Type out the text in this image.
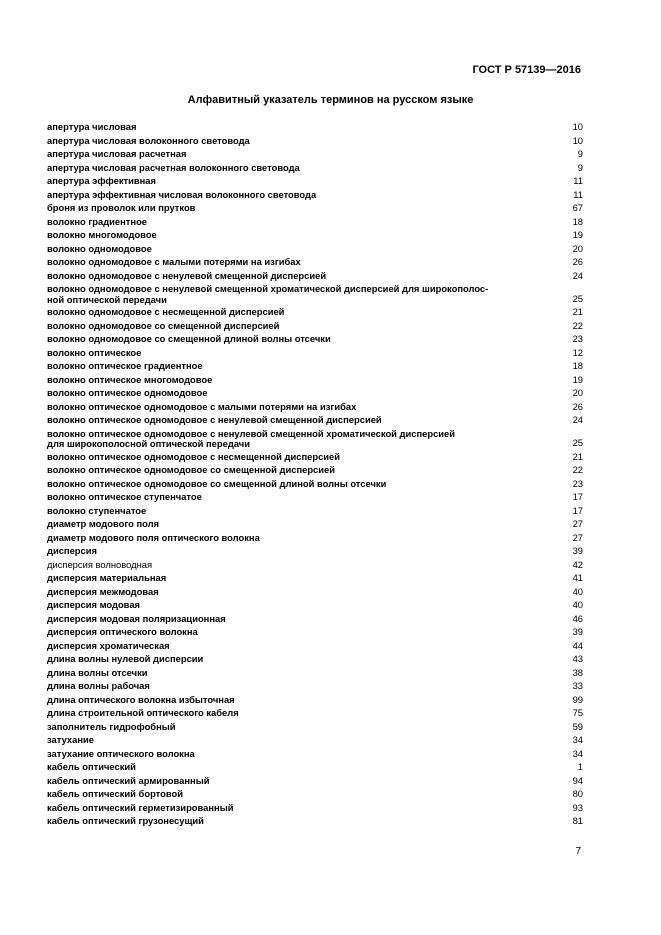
ГОСТ Р 57139—2016
Алфавитный указатель терминов на русском языке
апертура числовая	10
апертура числовая волоконного световода	10
апертура числовая расчетная	9
апертура числовая расчетная волоконного световода	9
апертура эффективная	11
апертура эффективная числовая волоконного световода	11
броня из проволок или прутков	67
волокно градиентное	18
волокно многомодовое	19
волокно одномодовое	20
волокно одномодовое с малыми потерями на изгибах	26
волокно одномодовое с ненулевой смещенной дисперсией	24
волокно одномодовое с ненулевой смещенной хроматической дисперсией для широкополос-
ной оптической передачи	25
волокно одномодовое с несмещенной дисперсией	21
волокно одномодовое со смещенной дисперсией	22
волокно одномодовое со смещенной длиной волны отсечки	23
волокно оптическое	12
волокно оптическое градиентное	18
волокно оптическое многомодовое	19
волокно оптическое одномодовое	20
волокно оптическое одномодовое с малыми потерями на изгибах	26
волокно оптическое одномодовое с ненулевой смещенной дисперсией	24
волокно оптическое одномодовое с ненулевой смещенной хроматической дисперсией
для широкополосной оптической передачи	25
волокно оптическое одномодовое с несмещенной дисперсией	21
волокно оптическое одномодовое со смещенной дисперсией	22
волокно оптическое одномодовое со смещенной длиной волны отсечки	23
волокно оптическое ступенчатое	17
волокно ступенчатое	17
диаметр модового поля	27
диаметр модового поля оптического волокна	27
дисперсия	39
дисперсия волноводная	42
дисперсия материальная	41
дисперсия межмодовая	40
дисперсия модовая	40
дисперсия модовая поляризационная	46
дисперсия оптического волокна	39
дисперсия хроматическая	44
длина волны нулевой дисперсии	43
длина волны отсечки	38
длина волны рабочая	33
длина оптического волокна избыточная	99
длина строительной оптического кабеля	75
заполнитель гидрофобный	59
затухание	34
затухание оптического волокна	34
кабель оптический	1
кабель оптический армированный	94
кабель оптический бортовой	80
кабель оптический герметизированный	93
кабель оптический грузонесущий	81
7
